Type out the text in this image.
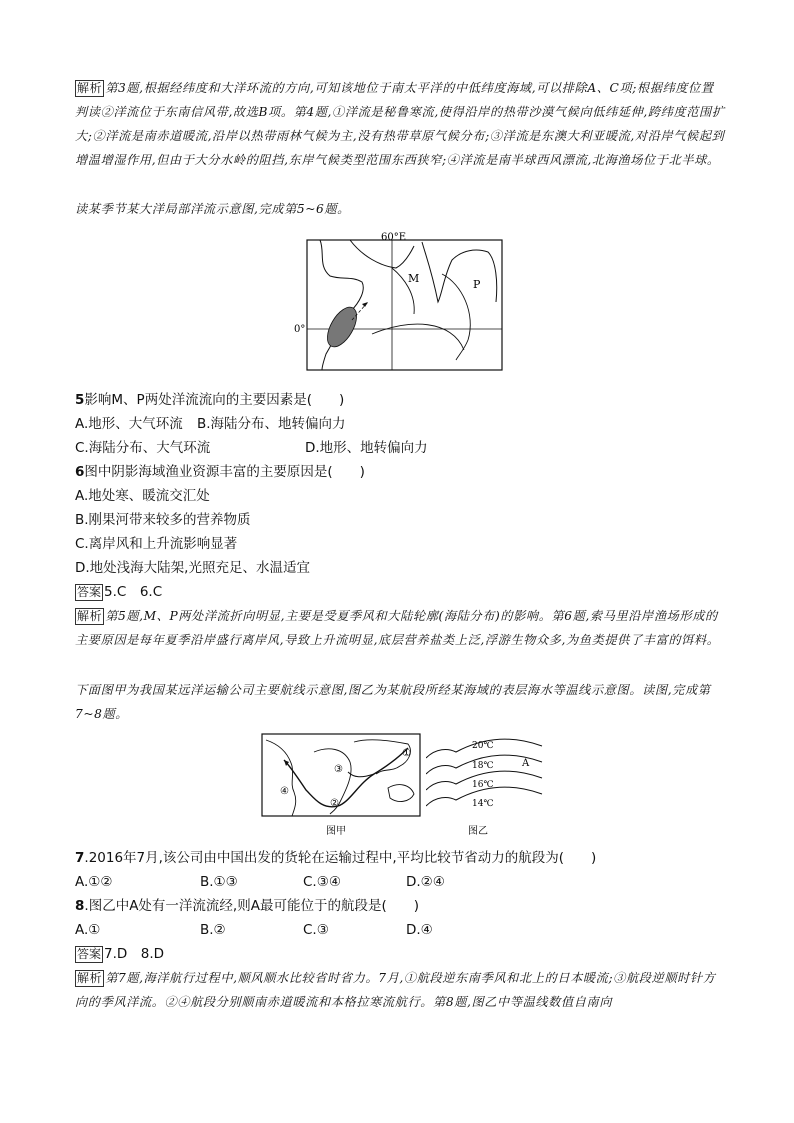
解析 第3题,根据经纬度和大洋环流的方向,可知该地位于南太平洋的中低纬度海域,可以排除A、C项;根据纬度位置判读②洋流位于东南信风带,故选B项。第4题,①洋流是秘鲁寒流,使得沿岸的热带沙漠气候向低纬延伸,跨纬度范围扩大;②洋流是南赤道暖流,沿岸以热带雨林气候为主,没有热带草原气候分布;③洋流是东澳大利亚暖流,对沿岸气候起到增温增湿作用,但由于大分水岭的阻挡,东岸气候类型范围东西狭窄;④洋流是南半球西风漂流,北海渔场位于北半球。
读某季节某大洋局部洋流示意图,完成第5~6题。
60°E
0°
M	P
5影响M、P两处洋流流向的主要因素是(　　)
A.地形、大气环流 B.海陆分布、地转偏向力
C.海陆分布、大气环流	D.地形、地转偏向力
6图中阴影海域渔业资源丰富的主要原因是(　　)
A.地处寒、暖流交汇处
B.刚果河带来较多的营养物质
C.离岸风和上升流影响显著
D.地处浅海大陆架,光照充足、水温适宜
答案 5.C　6.C
解析 第5题,M、P两处洋流折向明显,主要是受夏季风和大陆轮廓(海陆分布)的影响。第6题,索马里沿岸渔场形成的主要原因是每年夏季沿岸盛行离岸风,导致上升流明显,底层营养盐类上泛,浮游生物众多,为鱼类提供了丰富的饵料。
下面图甲为我国某远洋运输公司主要航线示意图,图乙为某航段所经某海域的表层海水等温线示意图。读图,完成第7~8题。
①
②
③
④
图甲
20℃
18℃
16℃
14℃
A
图乙
7.2016年7月,该公司由中国出发的货轮在运输过程中,平均比较节省动力的航段为(　　)
A.①②	B.①③	C.③④	D.②④
8.图乙中A处有一洋流流经,则A最可能位于的航段是(　　)
A.①	B.②	C.③	D.④
答案 7.D　8.D
解析 第7题,海洋航行过程中,顺风顺水比较省时省力。7月,①航段逆东南季风和北上的日本暖流;③航段逆顺时针方向的季风洋流。②④航段分别顺南赤道暖流和本格拉寒流航行。第8题,图乙中等温线数值自南向
